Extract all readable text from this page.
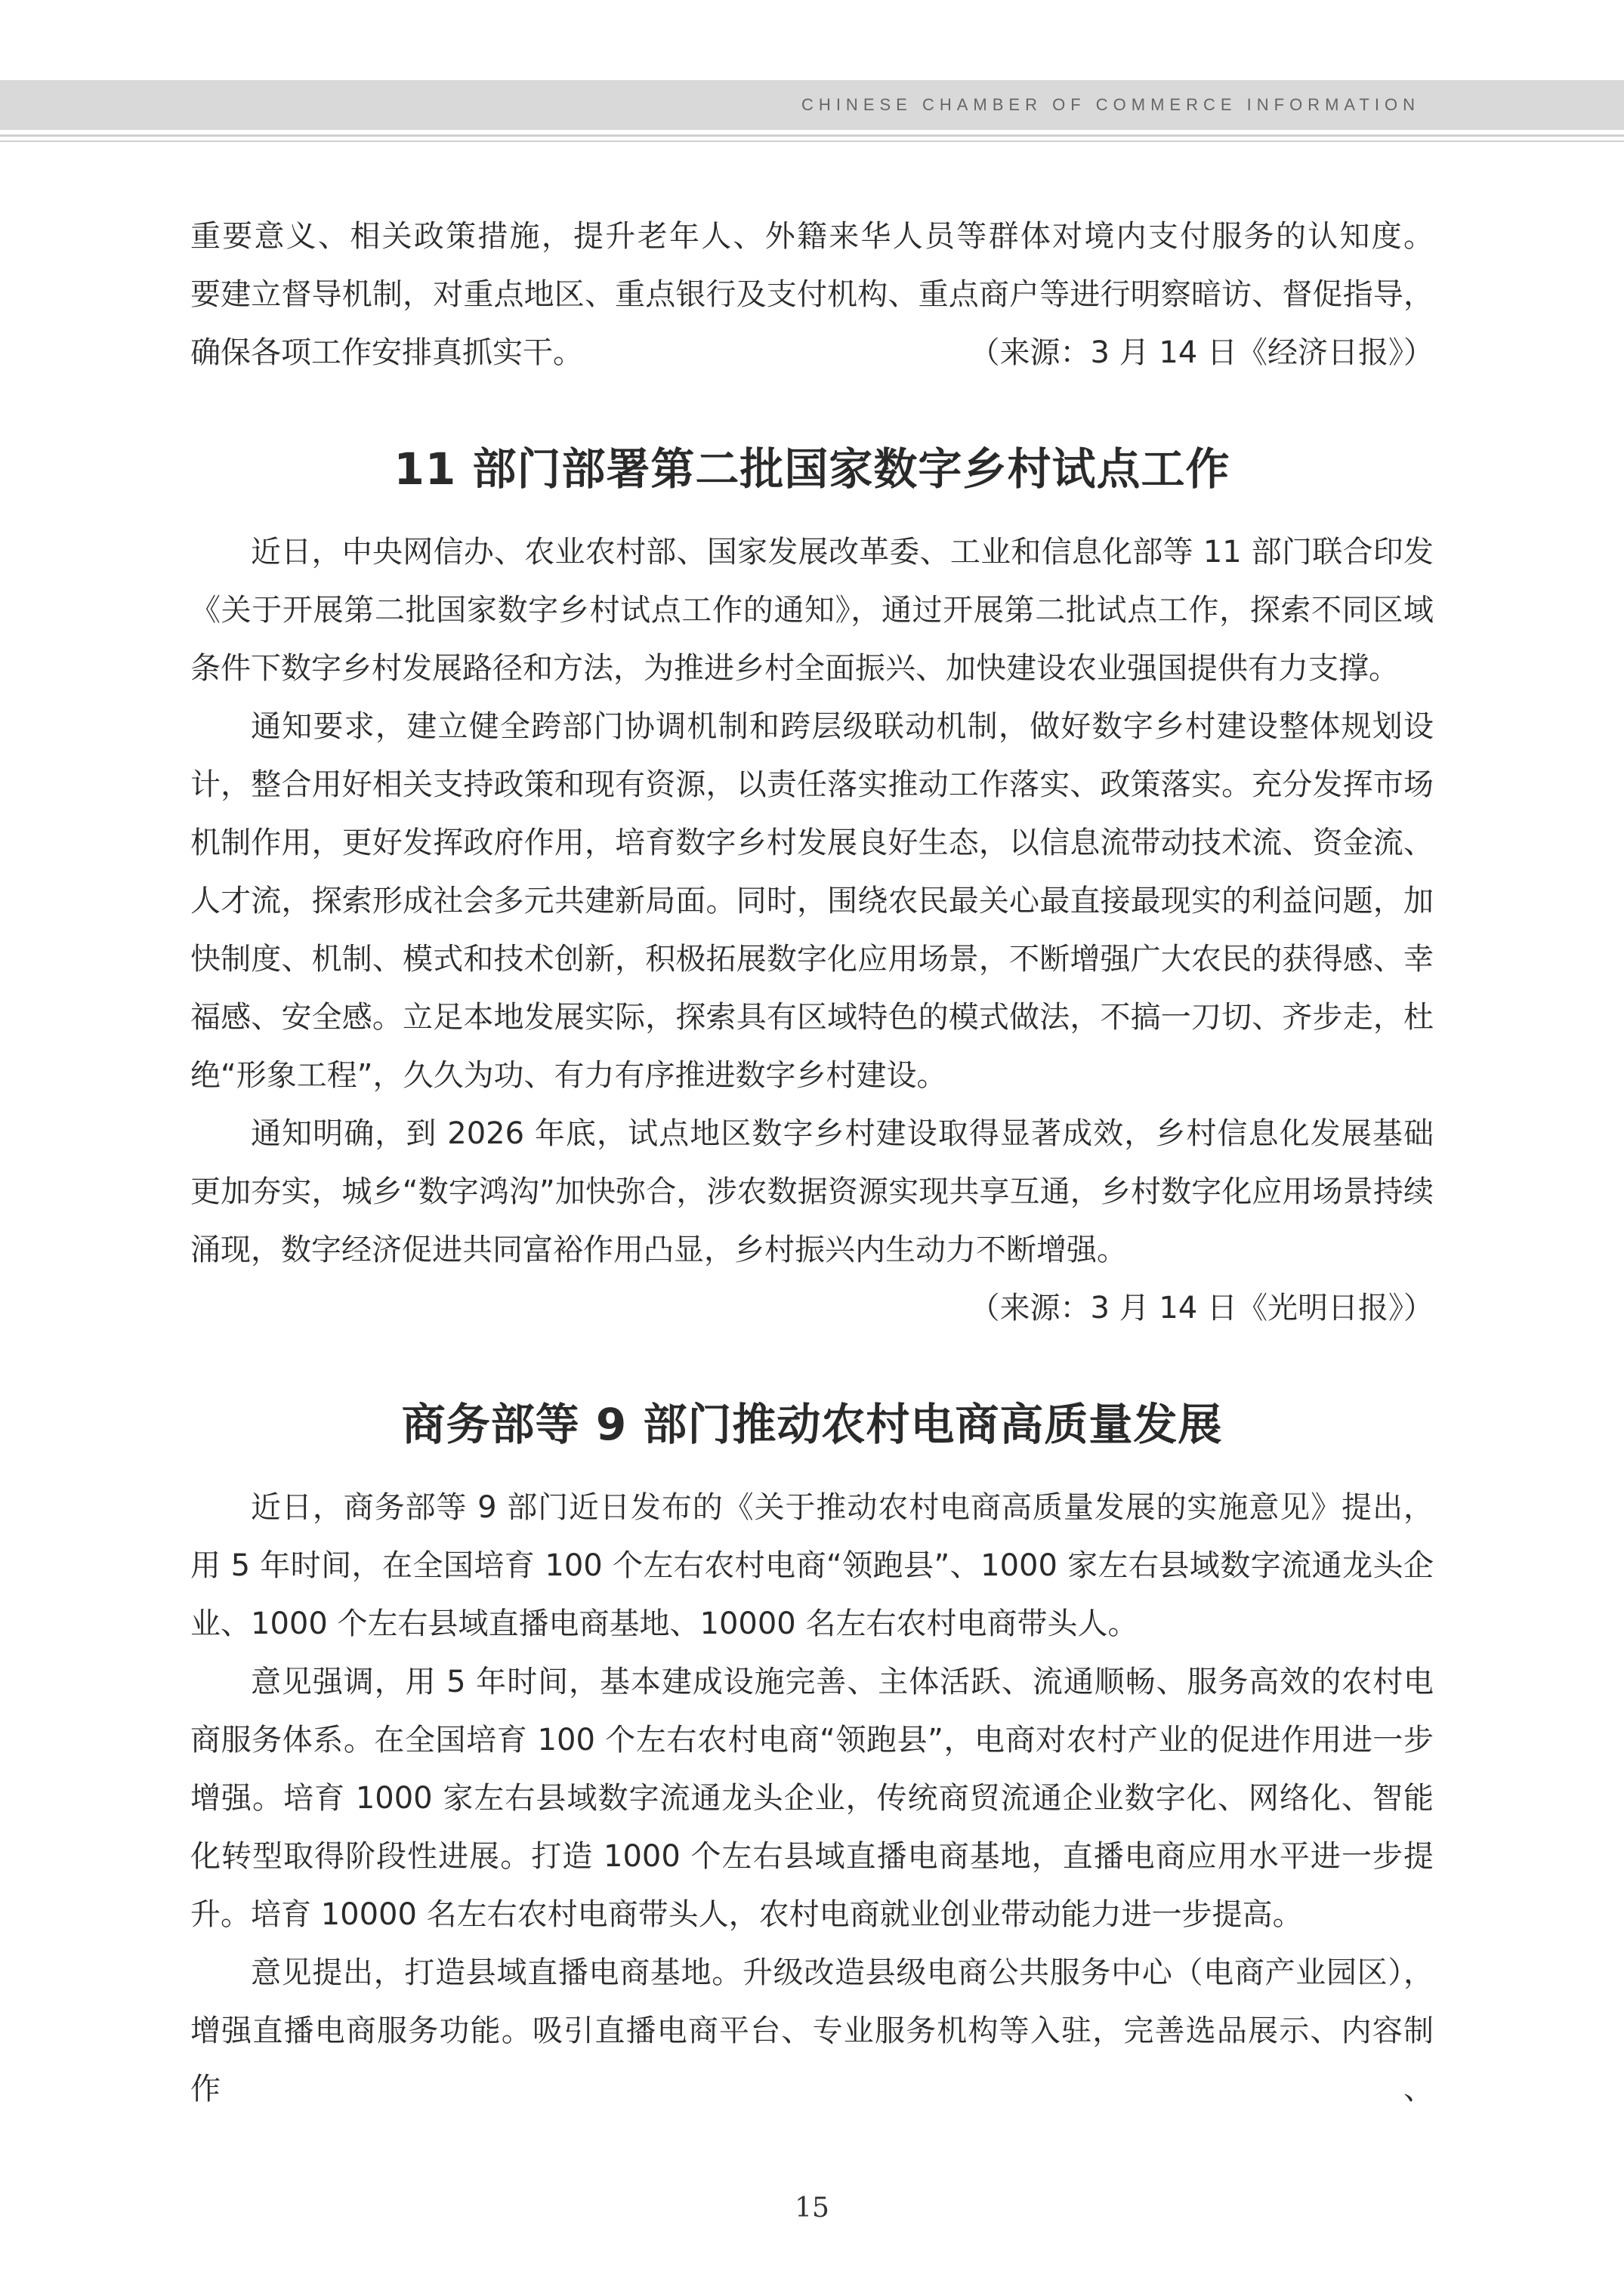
CHINESE CHAMBER OF COMMERCE INFORMATION

重要意义、相关政策措施，提升老年人、外籍来华人员等群体对境内支付服务的认知度。

要建立督导机制，对重点地区、重点银行及支付机构、重点商户等进行明察暗访、督促指导，

确保各项工作安排真抓实干。	（来源：3 月 14 日《经济日报》）

11 部门部署第二批国家数字乡村试点工作

近日，中央网信办、农业农村部、国家发展改革委、工业和信息化部等 11 部门联合印发《关于开展第二批国家数字乡村试点工作的通知》，通过开展第二批试点工作，探索不同区域条件下数字乡村发展路径和方法，为推进乡村全面振兴、加快建设农业强国提供有力支撑。

通知要求，建立健全跨部门协调机制和跨层级联动机制，做好数字乡村建设整体规划设计，整合用好相关支持政策和现有资源，以责任落实推动工作落实、政策落实。充分发挥市场机制作用，更好发挥政府作用，培育数字乡村发展良好生态，以信息流带动技术流、资金流、人才流，探索形成社会多元共建新局面。同时，围绕农民最关心最直接最现实的利益问题，加快制度、机制、模式和技术创新，积极拓展数字化应用场景，不断增强广大农民的获得感、幸福感、安全感。立足本地发展实际，探索具有区域特色的模式做法，不搞一刀切、齐步走，杜绝“形象工程”，久久为功、有力有序推进数字乡村建设。

通知明确，到 2026 年底，试点地区数字乡村建设取得显著成效，乡村信息化发展基础更加夯实，城乡“数字鸿沟”加快弥合，涉农数据资源实现共享互通，乡村数字化应用场景持续涌现，数字经济促进共同富裕作用凸显，乡村振兴内生动力不断增强。

（来源：3 月 14 日《光明日报》）

商务部等 9 部门推动农村电商高质量发展

近日，商务部等 9 部门近日发布的《关于推动农村电商高质量发展的实施意见》提出，用 5 年时间，在全国培育 100 个左右农村电商“领跑县”、1000 家左右县域数字流通龙头企业、1000 个左右县域直播电商基地、10000 名左右农村电商带头人。

意见强调，用 5 年时间，基本建成设施完善、主体活跃、流通顺畅、服务高效的农村电商服务体系。在全国培育 100 个左右农村电商“领跑县”，电商对农村产业的促进作用进一步增强。培育 1000 家左右县域数字流通龙头企业，传统商贸流通企业数字化、网络化、智能化转型取得阶段性进展。打造 1000 个左右县域直播电商基地，直播电商应用水平进一步提升。培育 10000 名左右农村电商带头人，农村电商就业创业带动能力进一步提高。

意见提出，打造县域直播电商基地。升级改造县级电商公共服务中心（电商产业园区），增强直播电商服务功能。吸引直播电商平台、专业服务机构等入驻，完善选品展示、内容制作、

15
